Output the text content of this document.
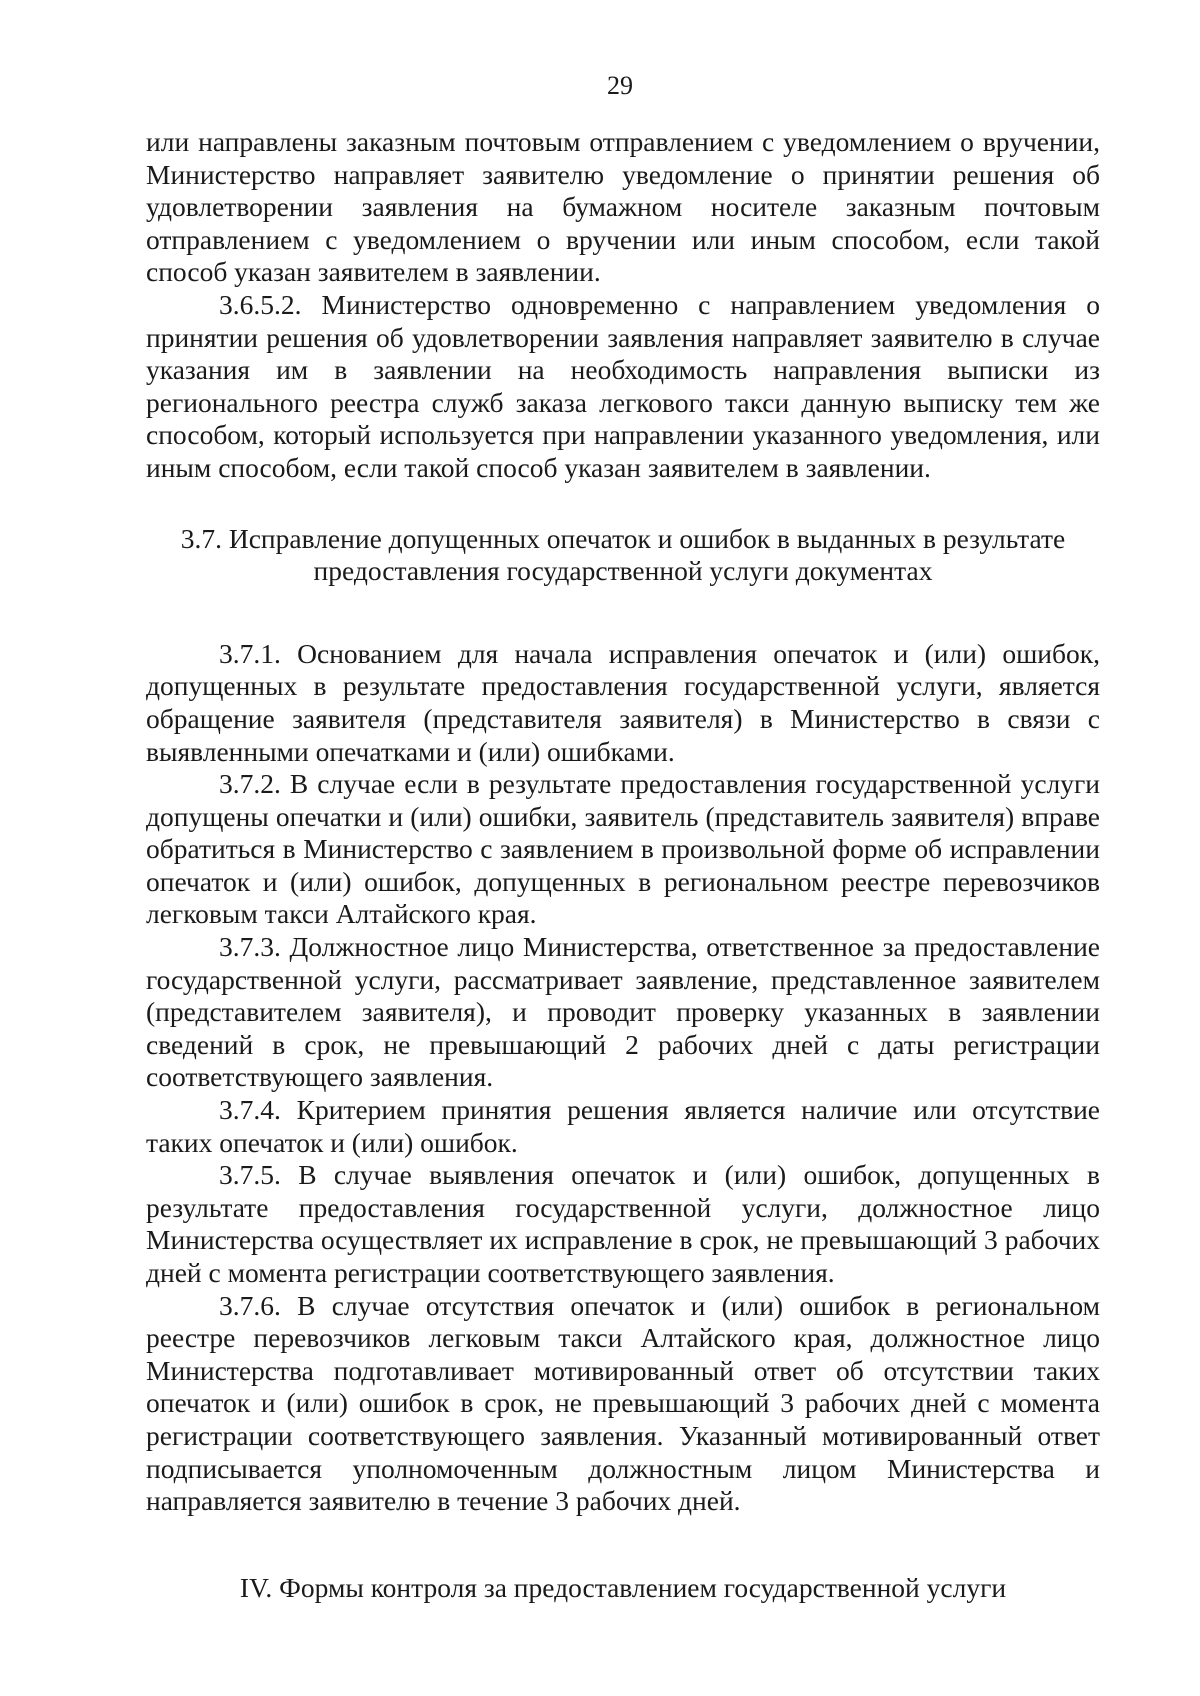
29

или направлены заказным почтовым отправлением с уведомлением о вручении, Министерство направляет заявителю уведомление о принятии решения об удовлетворении заявления на бумажном носителе заказным почтовым отправлением с уведомлением о вручении или иным способом, если такой способ указан заявителем в заявлении.

3.6.5.2. Министерство одновременно с направлением уведомления о принятии решения об удовлетворении заявления направляет заявителю в случае указания им в заявлении на необходимость направления выписки из регионального реестра служб заказа легкового такси данную выписку тем же способом, который используется при направлении указанного уведомления, или иным способом, если такой способ указан заявителем в заявлении.

3.7. Исправление допущенных опечаток и ошибок в выданных в результате
предоставления государственной услуги документах

3.7.1. Основанием для начала исправления опечаток и (или) ошибок, допущенных в результате предоставления государственной услуги, является обращение заявителя (представителя заявителя) в Министерство в связи с выявленными опечатками и (или) ошибками.

3.7.2. В случае если в результате предоставления государственной услуги допущены опечатки и (или) ошибки, заявитель (представитель заявителя) вправе обратиться в Министерство с заявлением в произвольной форме об исправлении опечаток и (или) ошибок, допущенных в региональном реестре перевозчиков легковым такси Алтайского края.

3.7.3. Должностное лицо Министерства, ответственное за предоставление государственной услуги, рассматривает заявление, представленное заявителем (представителем заявителя), и проводит проверку указанных в заявлении сведений в срок, не превышающий 2 рабочих дней с даты регистрации соответствующего заявления.

3.7.4. Критерием принятия решения является наличие или отсутствие таких опечаток и (или) ошибок.

3.7.5. В случае выявления опечаток и (или) ошибок, допущенных в результате предоставления государственной услуги, должностное лицо Министерства осуществляет их исправление в срок, не превышающий 3 рабочих дней с момента регистрации соответствующего заявления.

3.7.6. В случае отсутствия опечаток и (или) ошибок в региональном реестре перевозчиков легковым такси Алтайского края, должностное лицо Министерства подготавливает мотивированный ответ об отсутствии таких опечаток и (или) ошибок в срок, не превышающий 3 рабочих дней с момента регистрации соответствующего заявления. Указанный мотивированный ответ подписывается уполномоченным должностным лицом Министерства и направляется заявителю в течение 3 рабочих дней.

IV. Формы контроля за предоставлением государственной услуги
